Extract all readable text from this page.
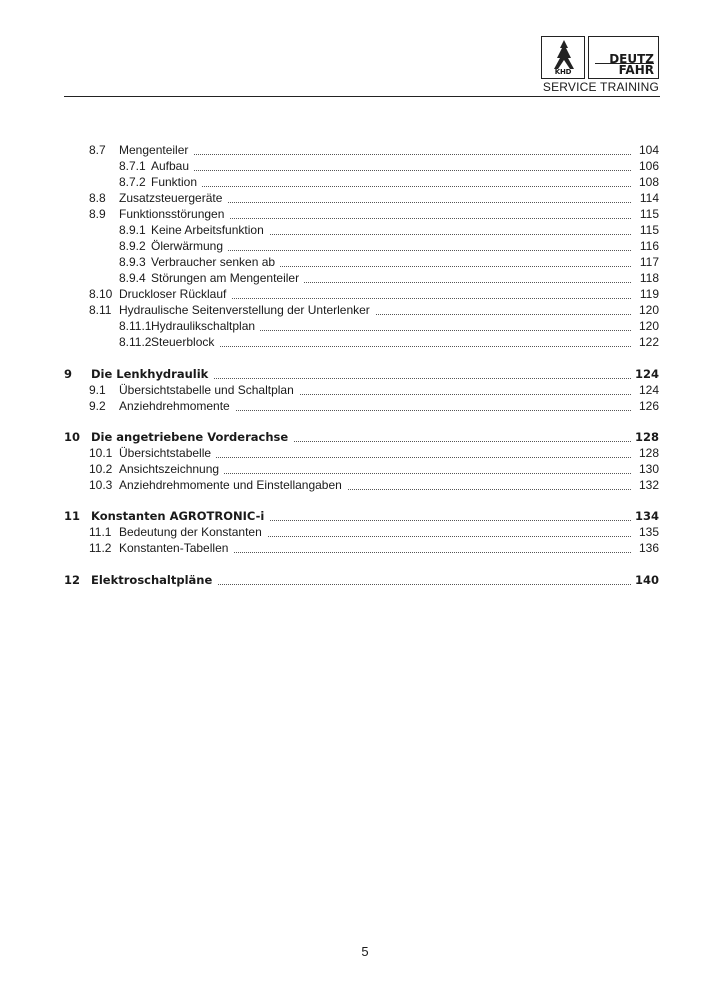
KHD
DEUTZ
FAHR
SERVICE TRAINING
8.7 Mengenteiler	104
8.7.1 Aufbau	106
8.7.2 Funktion	108
8.8 Zusatzsteuergeräte	114
8.9 Funktionsstörungen	115
8.9.1 Keine Arbeitsfunktion	115
8.9.2 Ölerwärmung	116
8.9.3 Verbraucher senken ab	117
8.9.4 Störungen am Mengenteiler	118
8.10 Druckloser Rücklauf	119
8.11 Hydraulische Seitenverstellung der Unterlenker	120
8.11.1 Hydraulikschaltplan	120
8.11.2 Steuerblock	122
9 Die Lenkhydraulik	124
9.1 Übersichtstabelle und Schaltplan	124
9.2 Anziehdrehmomente	126
10 Die angetriebene Vorderachse	128
10.1 Übersichtstabelle	128
10.2 Ansichtszeichnung	130
10.3 Anziehdrehmomente und Einstellangaben	132
11 Konstanten AGROTRONIC-i	134
11.1 Bedeutung der Konstanten	135
11.2 Konstanten-Tabellen	136
12 Elektroschaltpläne	140
5
